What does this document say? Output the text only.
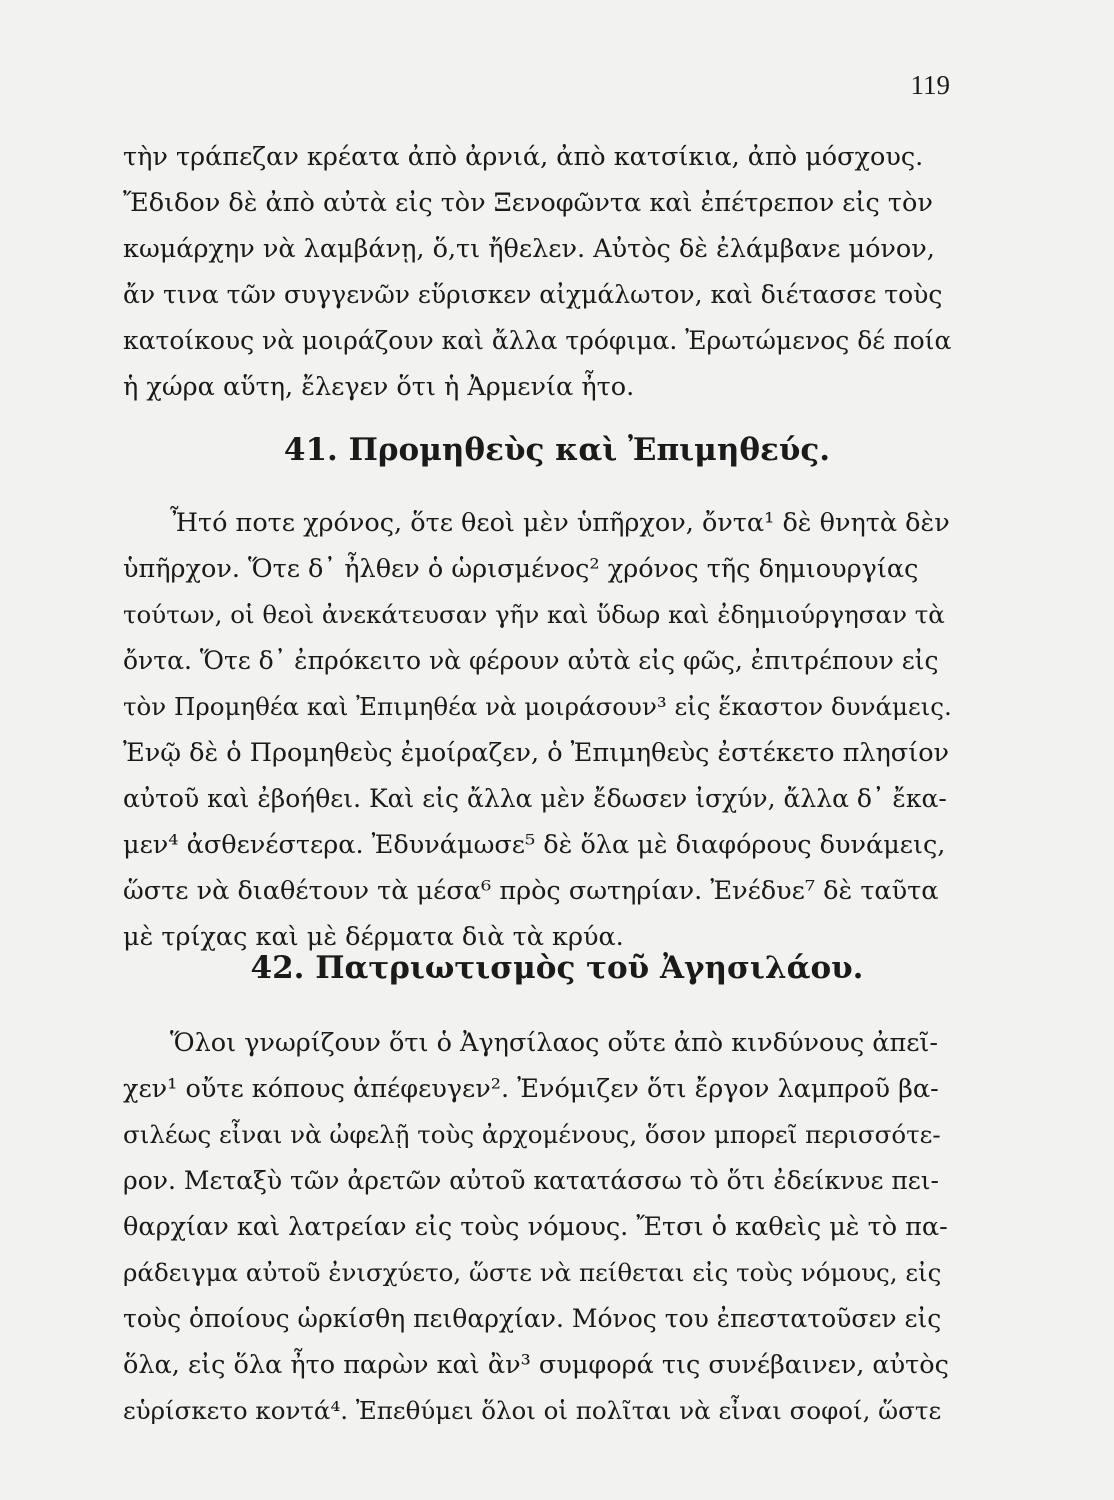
119
τὴν τράπεζαν κρέατα ἀπὸ ἀρνιά, ἀπὸ κατσίκια, ἀπὸ μόσχους.
Ἔδιδον δὲ ἀπὸ αὐτὰ εἰς τὸν Ξενοφῶντα καὶ ἐπέτρεπον εἰς τὸν
κωμάρχην νὰ λαμβάνῃ, ὅ,τι ἤθελεν. Αὐτὸς δὲ ἐλάμβανε μόνον,
ἄν τινα τῶν συγγενῶν εὕρισκεν αἰχμάλωτον, καὶ διέτασσε τοὺς
κατοίκους νὰ μοιράζουν καὶ ἄλλα τρόφιμα. Ἐρωτώμενος δέ ποία
ἡ χώρα αὕτη, ἔλεγεν ὅτι ἡ Ἀρμενία ἦτο.
41. Προμηθεὺς καὶ Ἐπιμηθεύς.
Ἦτό ποτε χρόνος, ὅτε θεοὶ μὲν ὑπῆρχον, ὄντα¹ δὲ θνητὰ δὲν
ὑπῆρχον. Ὅτε δ᾽ ἦλθεν ὁ ὡρισμένος² χρόνος τῆς δημιουργίας
τούτων, οἱ θεοὶ ἀνεκάτευσαν γῆν καὶ ὕδωρ καὶ ἐδημιούργησαν τὰ
ὄντα. Ὅτε δ᾽ ἐπρόκειτο νὰ φέρουν αὐτὰ εἰς φῶς, ἐπιτρέπουν εἰς
τὸν Προμηθέα καὶ Ἐπιμηθέα νὰ μοιράσουν³ εἰς ἕκαστον δυνάμεις.
Ἐνῷ δὲ ὁ Προμηθεὺς ἐμοίραζεν, ὁ Ἐπιμηθεὺς ἐστέκετο πλησίον
αὐτοῦ καὶ ἐβοήθει. Καὶ εἰς ἄλλα μὲν ἔδωσεν ἰσχύν, ἄλλα δ᾽ ἔκα-
μεν⁴ ἀσθενέστερα. Ἐδυνάμωσε⁵ δὲ ὅλα μὲ διαφόρους δυνάμεις,
ὥστε νὰ διαθέτουν τὰ μέσα⁶ πρὸς σωτηρίαν. Ἐνέδυε⁷ δὲ ταῦτα
μὲ τρίχας καὶ μὲ δέρματα διὰ τὰ κρύα.
42. Πατριωτισμὸς τοῦ Ἀγησιλάου.
Ὅλοι γνωρίζουν ὅτι ὁ Ἀγησίλαος οὔτε ἀπὸ κινδύνους ἀπεῖ-
χεν¹ οὔτε κόπους ἀπέφευγεν². Ἐνόμιζεν ὅτι ἔργον λαμπροῦ βα-
σιλέως εἶναι νὰ ὠφελῇ τοὺς ἀρχομένους, ὅσον μπορεῖ περισσότε-
ρον. Μεταξὺ τῶν ἀρετῶν αὐτοῦ κατατάσσω τὸ ὅτι ἐδείκνυε πει-
θαρχίαν καὶ λατρείαν εἰς τοὺς νόμους. Ἔτσι ὁ καθεὶς μὲ τὸ πα-
ράδειγμα αὐτοῦ ἐνισχύετο, ὥστε νὰ πείθεται εἰς τοὺς νόμους, εἰς
τοὺς ὁποίους ὡρκίσθη πειθαρχίαν. Μόνος του ἐπεστατοῦσεν εἰς
ὅλα, εἰς ὅλα ἦτο παρὼν καὶ ἂν³ συμφορά τις συνέβαινεν, αὐτὸς
εὑρίσκετο κοντά⁴. Ἐπεθύμει ὅλοι οἱ πολῖται νὰ εἶναι σοφοί, ὥστε
